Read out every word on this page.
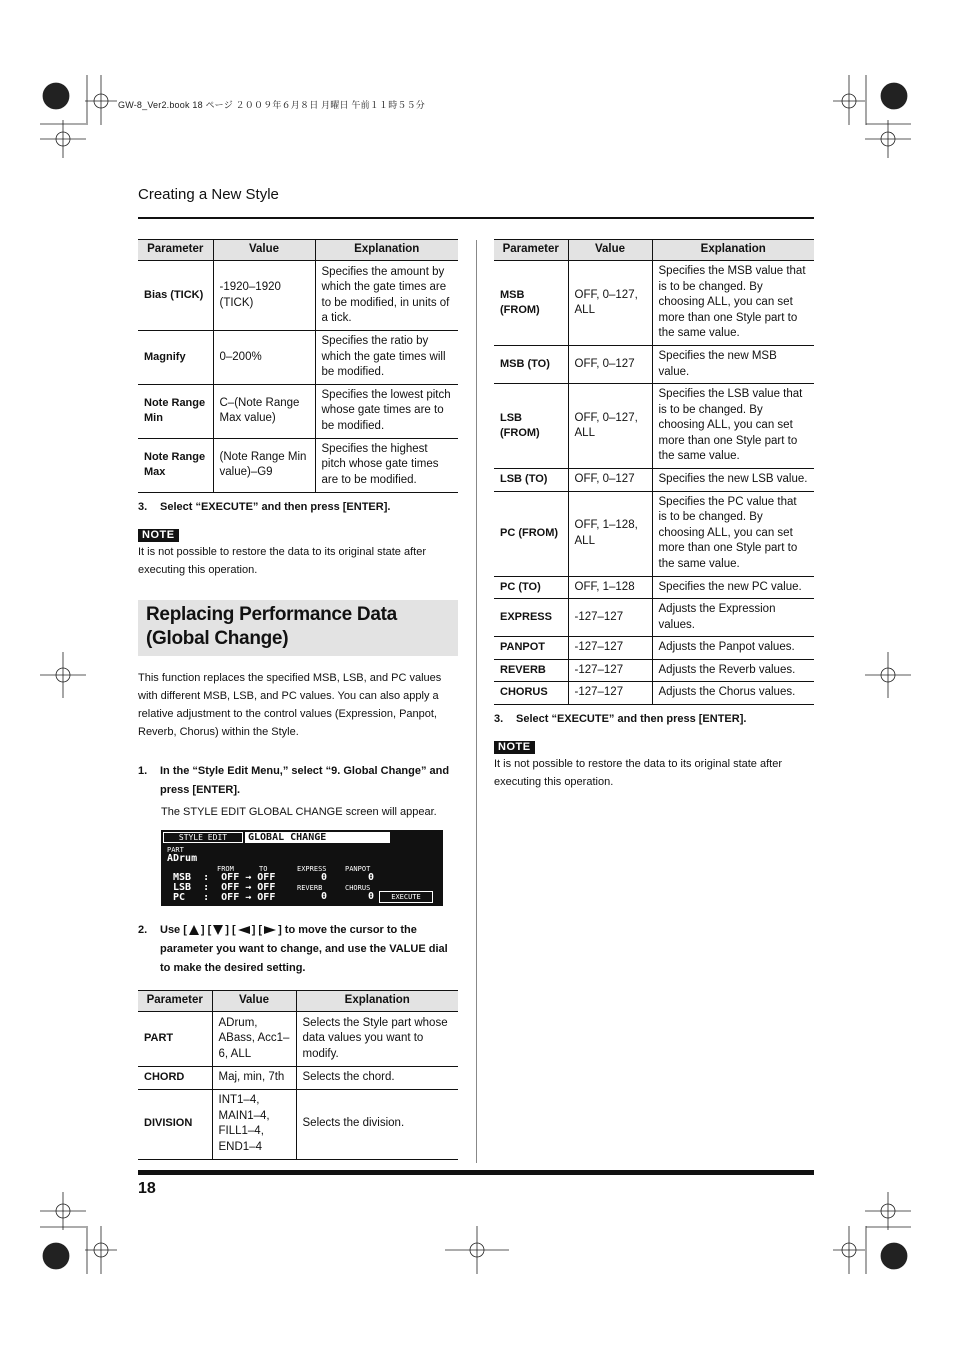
GW-8_Ver2.book 18 ページ ２００９年６月８日 月曜日 午前１１時５５分
Creating a New Style
Parameter	Value	Explanation
Bias (TICK)	-1920–1920 (TICK)	Specifies the amount by which the gate times are to be modified, in units of a tick.
Magnify	0–200%	Specifies the ratio by which the gate times will be modified.
Note Range Min	C–(Note Range Max value)	Specifies the lowest pitch whose gate times are to be modified.
Note Range Max	(Note Range Min value)–G9	Specifies the highest pitch whose gate times are to be modified.
3. Select “EXECUTE” and then press [ENTER].
NOTE
It is not possible to restore the data to its original state after executing this operation.
Replacing Performance Data
(Global Change)
This function replaces the specified MSB, LSB, and PC values with different MSB, LSB, and PC values. You can also apply a relative adjustment to the control values (Expression, Panpot, Reverb, Chorus) within the Style.
1. In the “Style Edit Menu,” select “9. Global Change” and press [ENTER].
The STYLE EDIT GLOBAL CHANGE screen will appear.
STYLE EDIT	GLOBAL CHANGE
PART
ADrum
FROM	TO	EXPRESS	PANPOT
MSB  :  OFF → OFF
LSB  :  OFF → OFF
PC   :  OFF → OFF
0	0
REVERB	CHORUS
0	0	EXECUTE
2. Use [ ] [ ] [ ] [ ] to move the cursor to the parameter you want to change, and use the VALUE dial to make the desired setting.
Parameter	Value	Explanation
PART	ADrum, ABass, Acc1–6, ALL	Selects the Style part whose data values you want to modify.
CHORD	Maj, min, 7th	Selects the chord.
DIVISION	INT1–4, MAIN1–4, FILL1–4, END1–4	Selects the division.
Parameter	Value	Explanation
MSB (FROM)	OFF, 0–127, ALL	Specifies the MSB value that is to be changed. By choosing ALL, you can set more than one Style part to the same value.
MSB (TO)	OFF, 0–127	Specifies the new MSB value.
LSB (FROM)	OFF, 0–127, ALL	Specifies the LSB value that is to be changed. By choosing ALL, you can set more than one Style part to the same value.
LSB (TO)	OFF, 0–127	Specifies the new LSB value.
PC (FROM)	OFF, 1–128, ALL	Specifies the PC value that is to be changed. By choosing ALL, you can set more than one Style part to the same value.
PC (TO)	OFF, 1–128	Specifies the new PC value.
EXPRESS	-127–127	Adjusts the Expression values.
PANPOT	-127–127	Adjusts the Panpot values.
REVERB	-127–127	Adjusts the Reverb values.
CHORUS	-127–127	Adjusts the Chorus values.
3. Select “EXECUTE” and then press [ENTER].
NOTE
It is not possible to restore the data to its original state after executing this operation.
18
